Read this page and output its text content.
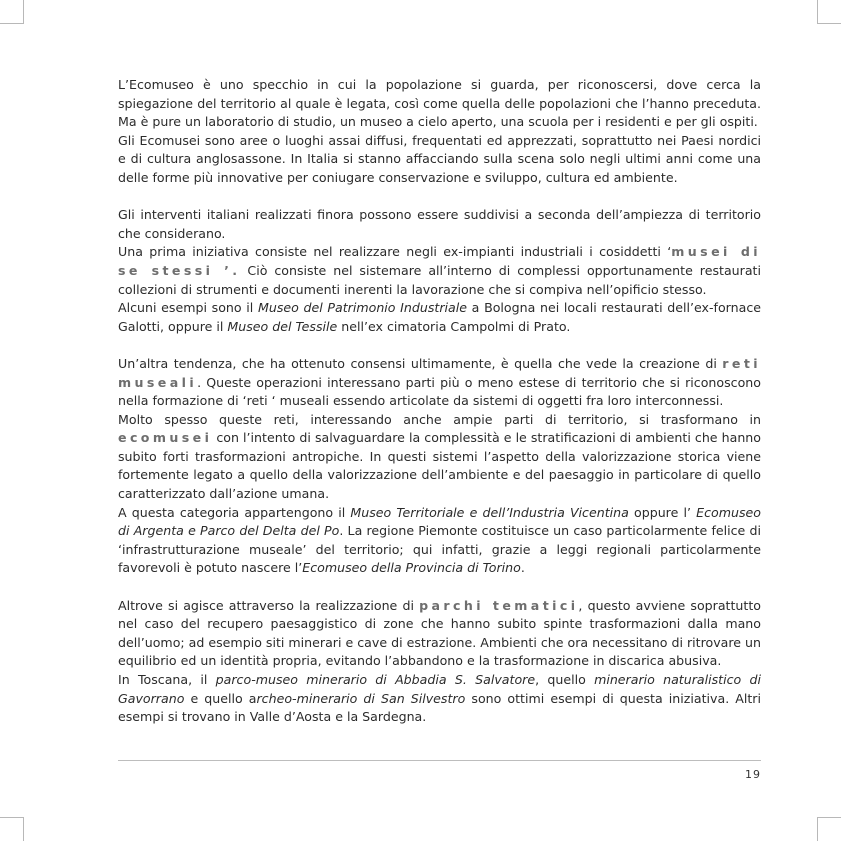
L’Ecomuseo è uno specchio in cui la popolazione si guarda, per riconoscersi, dove cerca la spiegazione del territorio al quale è legata, così come quella delle popolazioni che l’hanno preceduta. Ma è pure un laboratorio di studio, un museo a cielo aperto, una scuola per i residenti e per gli ospiti.

Gli Ecomusei sono aree o luoghi assai diffusi, frequentati ed apprezzati, soprattutto nei Paesi nordici e di cultura anglosassone. In Italia si stanno affacciando sulla scena solo negli ultimi anni come una delle forme più innovative per coniugare conservazione e sviluppo, cultura ed ambiente.

Gli interventi italiani realizzati finora possono essere suddivisi a seconda dell’ampiezza di territorio che considerano.

Una prima iniziativa consiste nel realizzare negli ex-impianti industriali i cosiddetti ‘musei di se stessi ’. Ciò consiste nel sistemare all’interno di complessi opportunamente restaurati collezioni di strumenti e documenti inerenti la lavorazione che si compiva nell’opificio stesso.

Alcuni esempi sono il Museo del Patrimonio Industriale a Bologna nei locali restaurati dell’ex-fornace Galotti, oppure il Museo del Tessile nell’ex cimatoria Campolmi di Prato.

Un’altra tendenza, che ha ottenuto consensi ultimamente, è quella che vede la creazione di reti museali. Queste operazioni interessano parti più o meno estese di territorio che si riconoscono nella formazione di ‘reti ‘ museali essendo articolate da sistemi di oggetti fra loro interconnessi.

Molto spesso queste reti, interessando anche ampie parti di territorio, si trasformano in ecomusei con l’intento di salvaguardare la complessità e le stratificazioni di ambienti che hanno subito forti trasformazioni antropiche. In questi sistemi l’aspetto della valorizzazione storica viene fortemente legato a quello della valorizzazione dell’ambiente e del paesaggio in particolare di quello caratterizzato dall’azione umana.

A questa categoria appartengono il Museo Territoriale e dell’Industria Vicentina oppure l’ Ecomuseo di Argenta e Parco del Delta del Po. La regione Piemonte costituisce un caso particolarmente felice di ‘infrastrutturazione museale’ del territorio; qui infatti, grazie a leggi regionali particolarmente favorevoli è potuto nascere l’Ecomuseo della Provincia di Torino.

Altrove si agisce attraverso la realizzazione di parchi tematici, questo avviene soprattutto nel caso del recupero paesaggistico di zone che hanno subito spinte trasformazioni dalla mano dell’uomo; ad esempio siti minerari e cave di estrazione. Ambienti che ora necessitano di ritrovare un equilibrio ed un identità propria, evitando l’abbandono e la trasformazione in discarica abusiva.

In Toscana, il parco-museo minerario di Abbadia S. Salvatore, quello minerario naturalistico di Gavorrano e quello archeo-minerario di San Silvestro sono ottimi esempi di questa iniziativa. Altri esempi si trovano in Valle d’Aosta e la Sardegna.

19
